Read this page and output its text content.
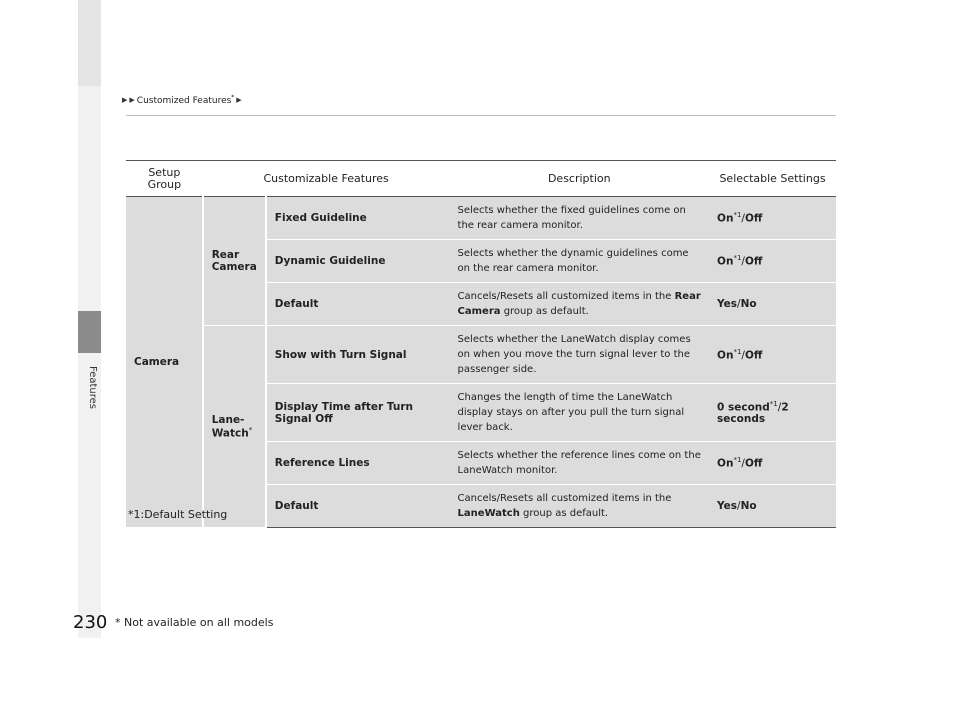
Features
▶ ▶ Customized Features* ▶
Setup
Group	Customizable Features		Description	Selectable Settings
Camera	Rear Camera	Fixed Guideline	Selects whether the fixed guidelines come on the rear camera monitor.	On$^{*1}$/Off
		Dynamic Guideline	Selects whether the dynamic guidelines come on the rear camera monitor.	On$^{*1}$/Off
		Default	Cancels/Resets all customized items in the Rear Camera group as default.	Yes/No
	Lane-Watch*	Show with Turn Signal	Selects whether the LaneWatch display comes on when you move the turn signal lever to the passenger side.	On$^{*1}$/Off
		Display Time after Turn Signal Off	Changes the length of time the LaneWatch display stays on after you pull the turn signal lever back.	0 second$^{*1}$/2 seconds
		Reference Lines	Selects whether the reference lines come on the LaneWatch monitor.	On$^{*1}$/Off
		Default	Cancels/Resets all customized items in the LaneWatch group as default.	Yes/No
*1:Default Setting
230 * Not available on all models
